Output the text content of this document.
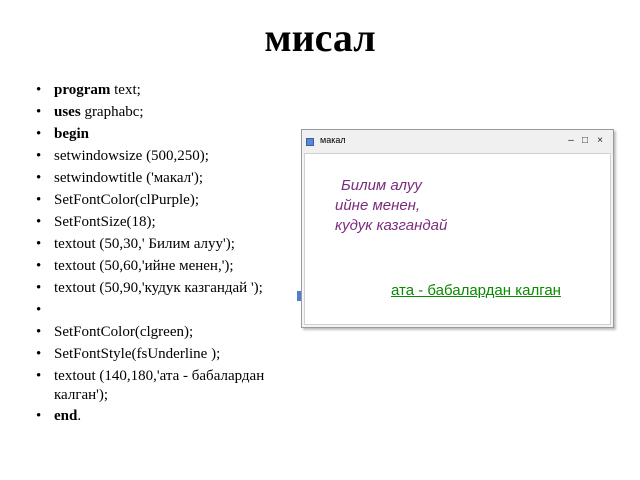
мисал
• program text;
• uses graphabc;
• begin
• setwindowsize (500,250);
• setwindowtitle ('макал');
• SetFontColor(clPurple);
• SetFontSize(18);
• textout (50,30,' Билим алуу');
• textout (50,60,'ийне менен,');
• textout (50,90,'кудук казгандай ');
•
• SetFontColor(clgreen);
• SetFontStyle(fsUnderline );
• textout (140,180,'ата - бабалардан калган');
• end.
макал	– □ ×
Билим алуу
ийне менен,
кудук казгандай
ата - бабалардан калган
